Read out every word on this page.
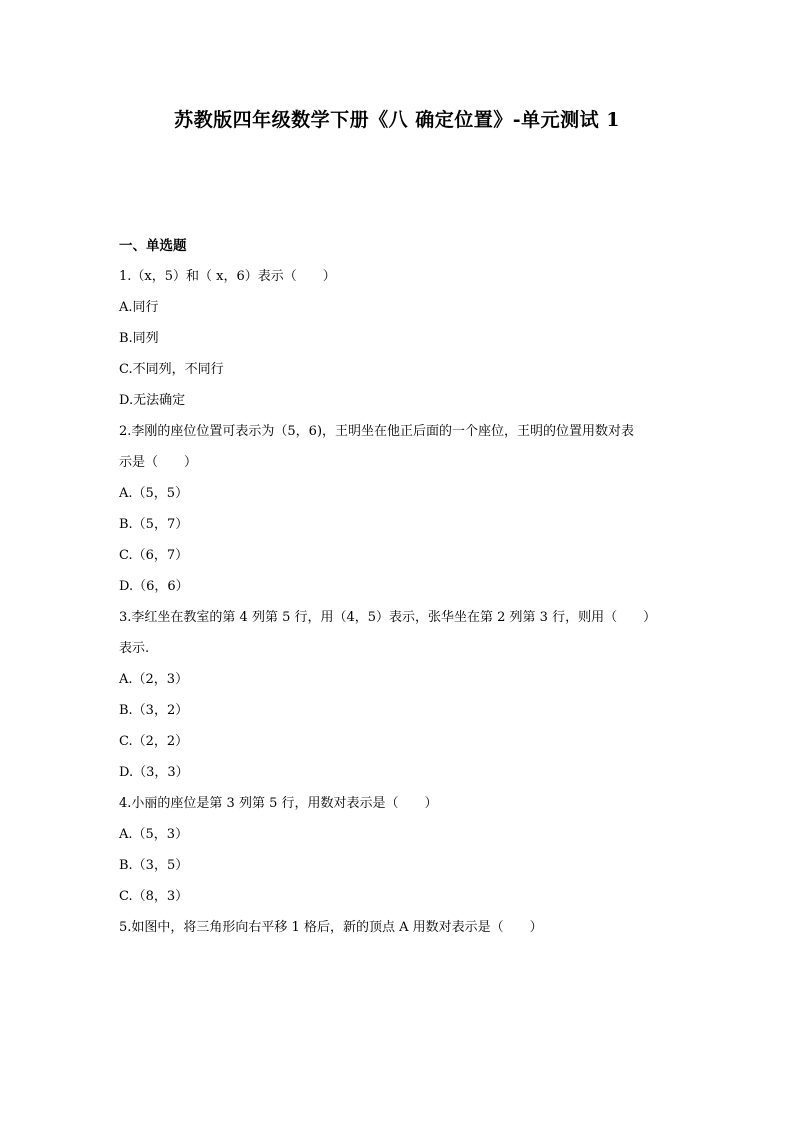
苏教版四年级数学下册《八 确定位置》-单元测试 1
一、单选题
1.（x，5）和（ x，6）表示（　　）
A.同行
B.同列
C.不同列，不同行
D.无法确定
2.李刚的座位位置可表示为（5，6)，王明坐在他正后面的一个座位，王明的位置用数对表
示是（　　）
A.（5，5）
B.（5，7）
C.（6，7）
D.（6，6）
3.李红坐在教室的第 4 列第 5 行，用（4，5）表示，张华坐在第 2 列第 3 行，则用（　　）
表示.
A.（2，3）
B.（3，2）
C.（2，2）
D.（3，3）
4.小丽的座位是第 3 列第 5 行，用数对表示是（　　）
A.（5，3）
B.（3，5）
C.（8，3）
5.如图中，将三角形向右平移 1 格后，新的顶点 A 用数对表示是（　　）
